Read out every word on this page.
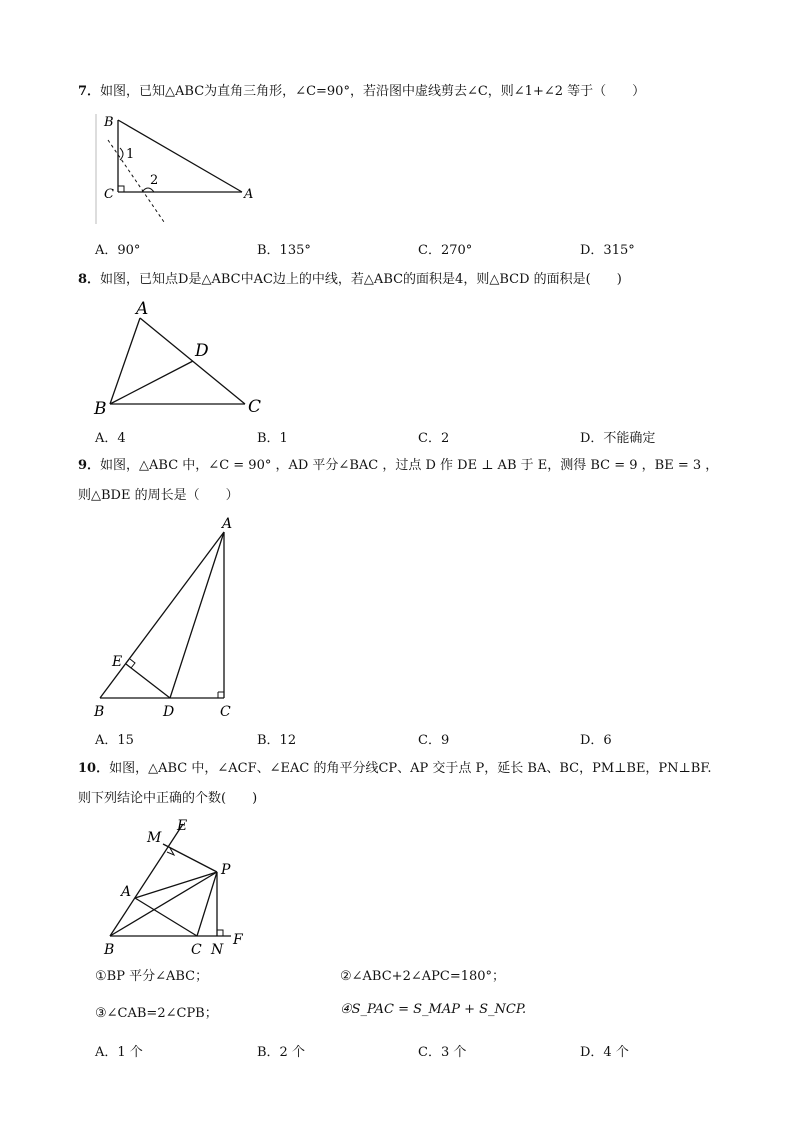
7．如图，已知△ABC为直角三角形，∠C=90°，若沿图中虚线剪去∠C，则∠1+∠2 等于（　　）
B
1
C
2
A
A．90°	B．135°	C．270°	D．315°
8．如图，已知点D是△ABC中AC边上的中线，若△ABC的面积是4，则△BCD 的面积是(　　)
A
D
B	C
A．4	B．1	C．2	D．不能确定
9．如图，△ABC 中，∠C = 90° ，AD 平分∠BAC ，过点 D 作 DE ⊥ AB 于 E，测得 BC = 9 ，BE = 3 ，
则△BDE 的周长是（　　）
A
E
B	D	C
A．15	B．12	C．9	D．6
10．如图，△ABC 中，∠ACF、∠EAC 的角平分线CP、AP 交于点 P，延长 BA、BC，PM⊥BE，PN⊥BF.
则下列结论中正确的个数(　　)
M
E
A
P
B	C N
F
①BP 平分∠ABC；	②∠ABC+2∠APC=180°；
③∠CAB=2∠CPB；	④S_PAC = S_MAP + S_NCP.
A．1 个	B．2 个	C．3 个	D．4 个
